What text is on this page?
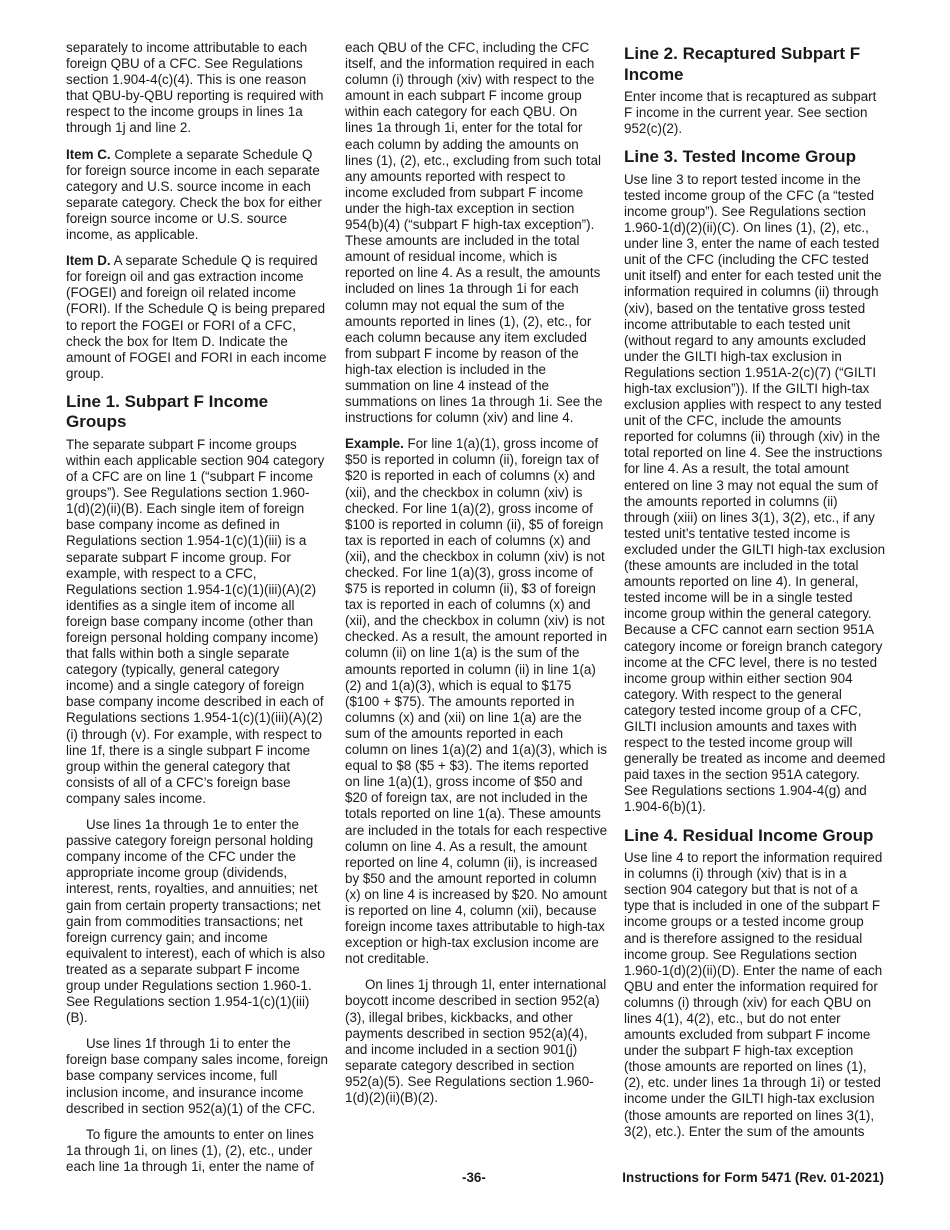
separately to income attributable to each foreign QBU of a CFC. See Regulations section 1.904-4(c)(4). This is one reason that QBU-by-QBU reporting is required with respect to the income groups in lines 1a through 1j and line 2.

Item C. Complete a separate Schedule Q for foreign source income in each separate category and U.S. source income in each separate category. Check the box for either foreign source income or U.S. source income, as applicable.

Item D. A separate Schedule Q is required for foreign oil and gas extraction income (FOGEI) and foreign oil related income (FORI). If the Schedule Q is being prepared to report the FOGEI or FORI of a CFC, check the box for Item D. Indicate the amount of FOGEI and FORI in each income group.

Line 1. Subpart F Income Groups

The separate subpart F income groups within each applicable section 904 category of a CFC are on line 1 (“subpart F income groups”). See Regulations section 1.960-1(d)(2)(ii)(B). Each single item of foreign base company income as defined in Regulations section 1.954-1(c)(1)(iii) is a separate subpart F income group. For example, with respect to a CFC, Regulations section 1.954-1(c)(1)(iii)(A)(2) identifies as a single item of income all foreign base company income (other than foreign personal holding company income) that falls within both a single separate category (typically, general category income) and a single category of foreign base company income described in each of Regulations sections 1.954-1(c)(1)(iii)(A)(2)(i) through (v). For example, with respect to line 1f, there is a single subpart F income group within the general category that consists of all of a CFC’s foreign base company sales income.

Use lines 1a through 1e to enter the passive category foreign personal holding company income of the CFC under the appropriate income group (dividends, interest, rents, royalties, and annuities; net gain from certain property transactions; net gain from commodities transactions; net foreign currency gain; and income equivalent to interest), each of which is also treated as a separate subpart F income group under Regulations section 1.960-1. See Regulations section 1.954-1(c)(1)(iii)(B).

Use lines 1f through 1i to enter the foreign base company sales income, foreign base company services income, full inclusion income, and insurance income described in section 952(a)(1) of the CFC.

To figure the amounts to enter on lines 1a through 1i, on lines (1), (2), etc., under each line 1a through 1i, enter the name of

each QBU of the CFC, including the CFC itself, and the information required in each column (i) through (xiv) with respect to the amount in each subpart F income group within each category for each QBU. On lines 1a through 1i, enter for the total for each column by adding the amounts on lines (1), (2), etc., excluding from such total any amounts reported with respect to income excluded from subpart F income under the high-tax exception in section 954(b)(4) (“subpart F high-tax exception”). These amounts are included in the total amount of residual income, which is reported on line 4. As a result, the amounts included on lines 1a through 1i for each column may not equal the sum of the amounts reported in lines (1), (2), etc., for each column because any item excluded from subpart F income by reason of the high-tax election is included in the summation on line 4 instead of the summations on lines 1a through 1i. See the instructions for column (xiv) and line 4.

Example. For line 1(a)(1), gross income of $50 is reported in column (ii), foreign tax of $20 is reported in each of columns (x) and (xii), and the checkbox in column (xiv) is checked. For line 1(a)(2), gross income of $100 is reported in column (ii), $5 of foreign tax is reported in each of columns (x) and (xii), and the checkbox in column (xiv) is not checked. For line 1(a)(3), gross income of $75 is reported in column (ii), $3 of foreign tax is reported in each of columns (x) and (xii), and the checkbox in column (xiv) is not checked. As a result, the amount reported in column (ii) on line 1(a) is the sum of the amounts reported in column (ii) in line 1(a)(2) and 1(a)(3), which is equal to $175 ($100 + $75). The amounts reported in columns (x) and (xii) on line 1(a) are the sum of the amounts reported in each column on lines 1(a)(2) and 1(a)(3), which is equal to $8 ($5 + $3). The items reported on line 1(a)(1), gross income of $50 and $20 of foreign tax, are not included in the totals reported on line 1(a). These amounts are included in the totals for each respective column on line 4. As a result, the amount reported on line 4, column (ii), is increased by $50 and the amount reported in column (x) on line 4 is increased by $20. No amount is reported on line 4, column (xii), because foreign income taxes attributable to high-tax exception or high-tax exclusion income are not creditable.

On lines 1j through 1l, enter international boycott income described in section 952(a)(3), illegal bribes, kickbacks, and other payments described in section 952(a)(4), and income included in a section 901(j) separate category described in section 952(a)(5). See Regulations section 1.960-1(d)(2)(ii)(B)(2).

Line 2. Recaptured Subpart F Income

Enter income that is recaptured as subpart F income in the current year. See section 952(c)(2).

Line 3. Tested Income Group

Use line 3 to report tested income in the tested income group of the CFC (a “tested income group”). See Regulations section 1.960-1(d)(2)(ii)(C). On lines (1), (2), etc., under line 3, enter the name of each tested unit of the CFC (including the CFC tested unit itself) and enter for each tested unit the information required in columns (ii) through (xiv), based on the tentative gross tested income attributable to each tested unit (without regard to any amounts excluded under the GILTI high-tax exclusion in Regulations section 1.951A-2(c)(7) (“GILTI high-tax exclusion”)). If the GILTI high-tax exclusion applies with respect to any tested unit of the CFC, include the amounts reported for columns (ii) through (xiv) in the total reported on line 4. See the instructions for line 4. As a result, the total amount entered on line 3 may not equal the sum of the amounts reported in columns (ii) through (xiii) on lines 3(1), 3(2), etc., if any tested unit’s tentative tested income is excluded under the GILTI high-tax exclusion (these amounts are included in the total amounts reported on line 4). In general, tested income will be in a single tested income group within the general category. Because a CFC cannot earn section 951A category income or foreign branch category income at the CFC level, there is no tested income group within either section 904 category. With respect to the general category tested income group of a CFC, GILTI inclusion amounts and taxes with respect to the tested income group will generally be treated as income and deemed paid taxes in the section 951A category. See Regulations sections 1.904-4(g) and 1.904-6(b)(1).

Line 4. Residual Income Group

Use line 4 to report the information required in columns (i) through (xiv) that is in a section 904 category but that is not of a type that is included in one of the subpart F income groups or a tested income group and is therefore assigned to the residual income group. See Regulations section 1.960-1(d)(2)(ii)(D). Enter the name of each QBU and enter the information required for columns (i) through (xiv) for each QBU on lines 4(1), 4(2), etc., but do not enter amounts excluded from subpart F income under the subpart F high-tax exception (those amounts are reported on lines (1), (2), etc. under lines 1a through 1i) or tested income under the GILTI high-tax exclusion (those amounts are reported on lines 3(1), 3(2), etc.). Enter the sum of the amounts

-36-	Instructions for Form 5471 (Rev. 01-2021)
